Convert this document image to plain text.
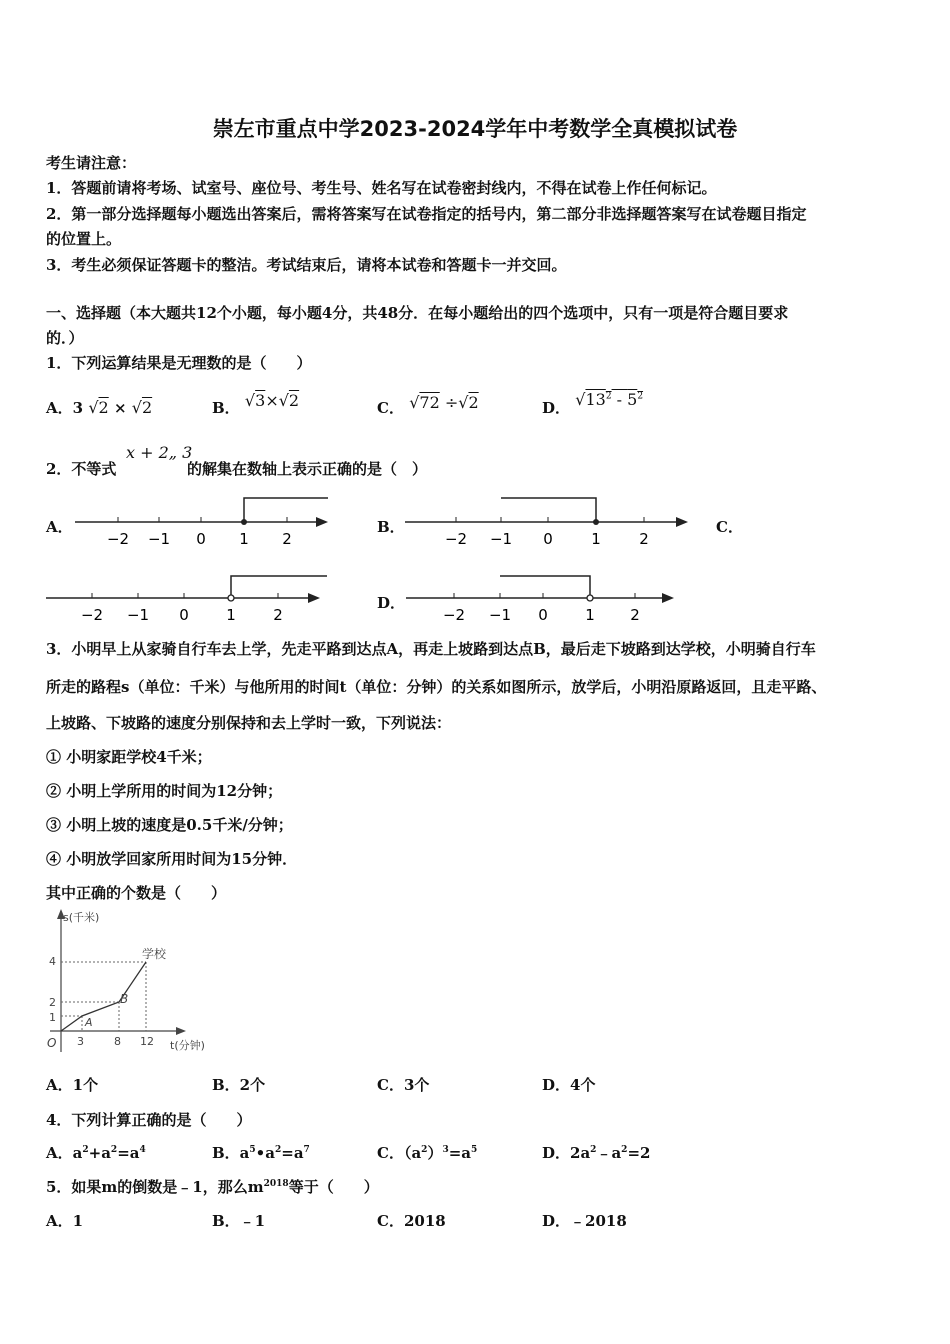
崇左市重点中学2023-2024学年中考数学全真模拟试卷
考生请注意：
1．答题前请将考场、试室号、座位号、考生号、姓名写在试卷密封线内，不得在试卷上作任何标记。
2．第一部分选择题每小题选出答案后，需将答案写在试卷指定的括号内，第二部分非选择题答案写在试卷题目指定
的位置上。
3．考生必须保证答题卡的整洁。考试结束后，请将本试卷和答题卡一并交回。
一、选择题（本大题共12个小题，每小题4分，共48分．在每小题给出的四个选项中，只有一项是符合题目要求
的．）
1．下列运算结果是无理数的是（　　）
A．3 √2 × √2	B． √3×√2	C． √72 ÷√2	D． $√13^2 - 5^2$
2．不等式
x + 2„ 3
的解集在数轴上表示正确的是（　）
A．
−2 −1 0 1 2
B．
−2 −1 0	1	2
C．
−2 −1 0 1 2
D．
−2 −1 0 1 2
3．小明早上从家骑自行车去上学，先走平路到达点A，再走上坡路到达点B，最后走下坡路到达学校，小明骑自行车
所走的路程s（单位：千米）与他所用的时间t（单位：分钟）的关系如图所示，放学后，小明沿原路返回，且走平路、
上坡路、下坡路的速度分别保持和去上学时一致，下列说法：
① 小明家距学校4千米；
② 小明上学所用的时间为12分钟；
③ 小明上坡的速度是0.5千米/分钟；
④ 小明放学回家所用时间为15分钟．
其中正确的个数是（　　）
s(千米)
t(分钟)
O
1
2
4
3	8 12
A
B
学校
A．1个	B．2个	C．3个	D．4个
4．下列计算正确的是（　　）
A．$a^2+a^2=a^4$	B．$a^5•a^2=a^7$	C．$(a^2)^3=a^5$	D．$2a^2﹣a^2=2$
5．如果m的倒数是﹣1，那么$m^{2018}$等于（　　）
A．1	B．﹣1	C．2018	D．﹣2018
